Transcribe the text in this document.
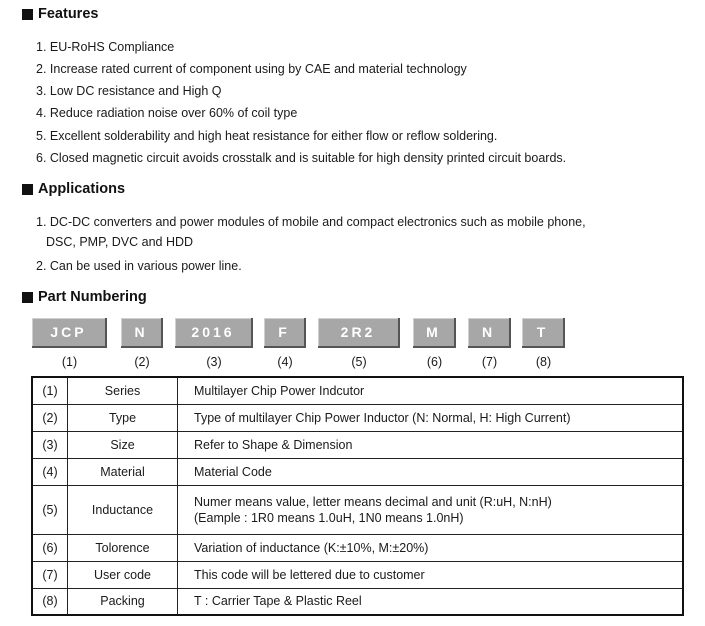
Features
1. EU-RoHS Compliance
2. Increase rated current of component using by CAE and material technology
3. Low DC resistance and High Q
4. Reduce radiation noise over 60% of coil type
5. Excellent solderability and high heat resistance for either flow or reflow soldering.
6. Closed magnetic circuit avoids crosstalk and is suitable for high density printed circuit boards.
Applications
1. DC-DC converters and power modules of mobile and compact electronics such as mobile phone,
DSC, PMP, DVC and HDD
2. Can be used in various power line.
Part Numbering
JCP	N	2016	F	2R2	M	N	T
(1)	(2)	(3)	(4)	(5)	(6)	(7)	(8)
(1)	Series	Multilayer Chip Power Indcutor
(2)	Type	Type of multilayer Chip Power Inductor (N: Normal, H: High Current)
(3)	Size	Refer to Shape & Dimension
(4)	Material	Material Code
(5)	Inductance	Numer means value, letter means decimal and unit (R:uH, N:nH)
(Eample : 1R0 means 1.0uH, 1N0 means 1.0nH)

(6)	Tolorence	Variation of inductance (K:±10%, M:±20%)
(7)	User code	This code will be lettered due to customer
(8)	Packing	T : Carrier Tape & Plastic Reel
